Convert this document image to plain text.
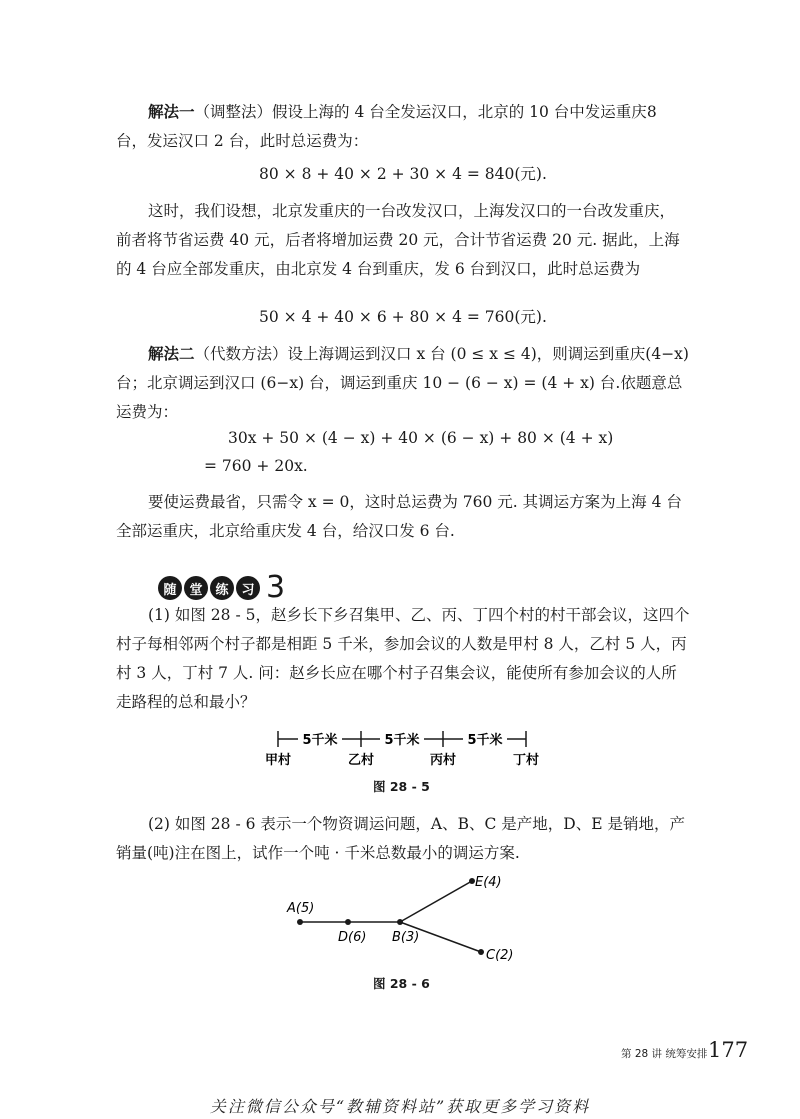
解法一（调整法）假设上海的 4 台全发运汉口，北京的 10 台中发运重庆8 台，发运汉口 2 台，此时总运费为：

80 × 8 + 40 × 2 + 30 × 4 = 840(元).

这时，我们设想，北京发重庆的一台改发汉口，上海发汉口的一台改发重庆，前者将节省运费 40 元，后者将增加运费 20 元，合计节省运费 20 元. 据此，上海的 4 台应全部发重庆，由北京发 4 台到重庆，发 6 台到汉口，此时总运费为

50 × 4 + 40 × 6 + 80 × 4 = 760(元).

解法二（代数方法）设上海调运到汉口 x 台 (0 ≤ x ≤ 4)，则调运到重庆(4−x) 台；北京调运到汉口 (6−x) 台，调运到重庆 10 − (6 − x) = (4 + x) 台.依题意总运费为：

30x + 50 × (4 − x) + 40 × (6 − x) + 80 × (4 + x)
= 760 + 20x.

要使运费最省，只需令 x = 0，这时总运费为 760 元. 其调运方案为上海 4 台全部运重庆，北京给重庆发 4 台，给汉口发 6 台.

随 堂 练 习 3

(1) 如图 28 - 5，赵乡长下乡召集甲、乙、丙、丁四个村的村干部会议，这四个村子每相邻两个村子都是相距 5 千米，参加会议的人数是甲村 8 人，乙村 5 人，丙村 3 人，丁村 7 人. 问：赵乡长应在哪个村子召集会议，能使所有参加会议的人所走路程的总和最小？

5千米	5千米	5千米
甲村	乙村	丙村	丁村
A(5)
D(6) B(3)
E(4)
C(2)
图 28 - 5

(2) 如图 28 - 6 表示一个物资调运问题，A、B、C 是产地，D、E 是销地，产销量(吨)注在图上，试作一个吨 · 千米总数最小的调运方案.

图 28 - 6
第 28 讲 统筹安排 177
关注微信公众号“教辅资料站”获取更多学习资料
